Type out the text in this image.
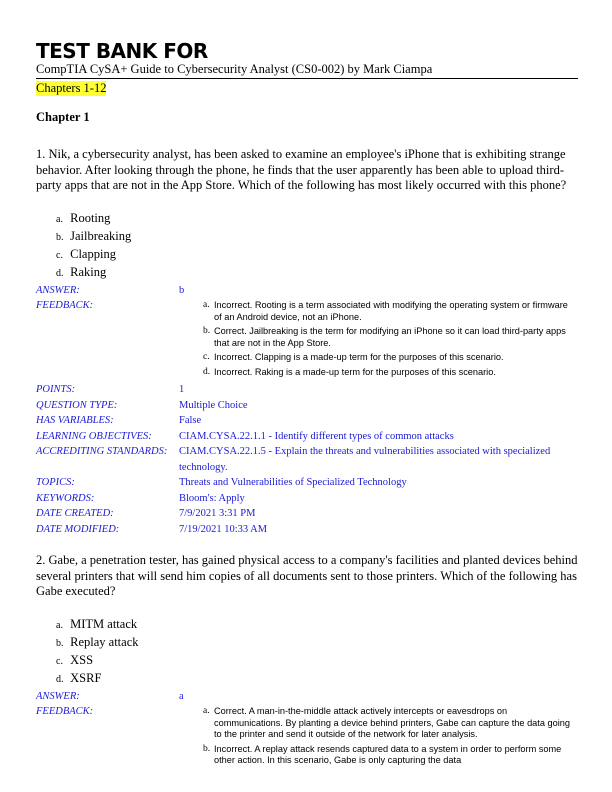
TEST BANK FOR
CompTIA CySA+ Guide to Cybersecurity Analyst (CS0-002) by Mark Ciampa
Chapters 1-12
Chapter 1
1. Nik, a cybersecurity analyst, has been asked to examine an employee's iPhone that is exhibiting strange behavior. After looking through the phone, he finds that the user apparently has been able to upload third-party apps that are not in the App Store. Which of the following has most likely occurred with this phone?
a. Rooting
b. Jailbreaking
c. Clapping
d. Raking
ANSWER:	b
FEEDBACK:	a. Incorrect. Rooting is a term associated with modifying the operating system or firmware of an Android device, not an iPhone.
b. Correct. Jailbreaking is the term for modifying an iPhone so it can load third-party apps that are not in the App Store.
c. Incorrect. Clapping is a made-up term for the purposes of this scenario.
d. Incorrect. Raking is a made-up term for the purposes of this scenario.
POINTS:	1
QUESTION TYPE:	Multiple Choice
HAS VARIABLES:	False
LEARNING OBJECTIVES:	CIAM.CYSA.22.1.1 - Identify different types of common attacks
ACCREDITING STANDARDS:	CIAM.CYSA.22.1.5 - Explain the threats and vulnerabilities associated with specialized technology.
TOPICS:	Threats and Vulnerabilities of Specialized Technology
KEYWORDS:	Bloom's: Apply
DATE CREATED:	7/9/2021 3:31 PM
DATE MODIFIED:	7/19/2021 10:33 AM
2. Gabe, a penetration tester, has gained physical access to a company's facilities and planted devices behind several printers that will send him copies of all documents sent to those printers. Which of the following has Gabe executed?
a. MITM attack
b. Replay attack
c. XSS
d. XSRF
ANSWER:	a
FEEDBACK:	a. Correct. A man-in-the-middle attack actively intercepts or eavesdrops on communications. By planting a device behind printers, Gabe can capture the data going to the printer and send it outside of the network for later analysis.
b. Incorrect. A replay attack resends captured data to a system in order to perform some other action. In this scenario, Gabe is only capturing the data
